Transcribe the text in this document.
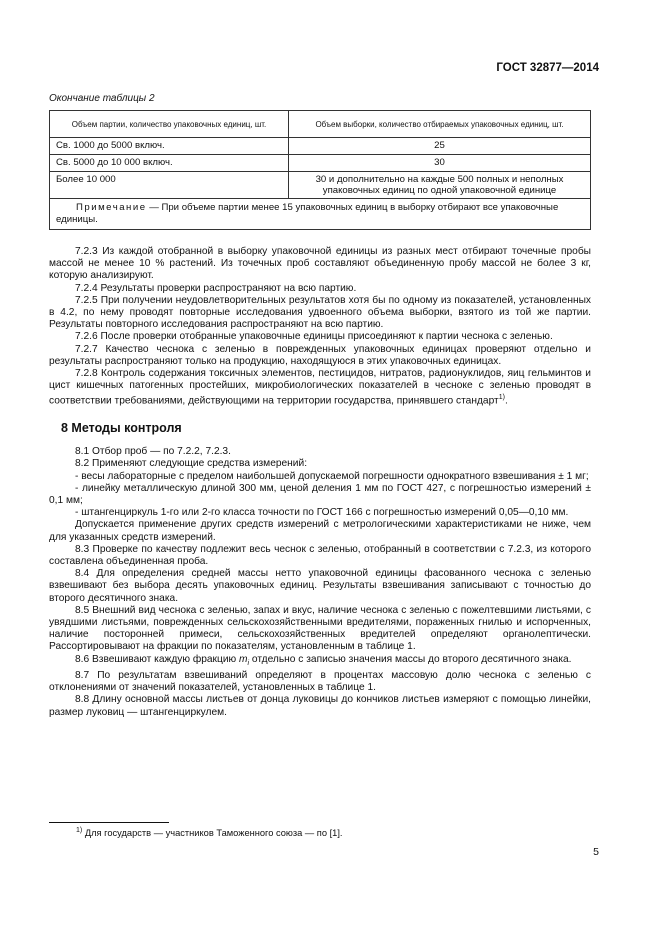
ГОСТ 32877—2014
Окончание таблицы 2
Объем партии, количество упаковочных единиц, шт.	Объем выборки, количество отбираемых упаковочных единиц, шт.
Св. 1000 до 5000 включ.	25
Св. 5000 до 10 000 включ.	30
Более 10 000	30 и дополнительно на каждые 500 полных и неполных упаковочных единиц по одной упаковочной единице
Примечание — При объеме партии менее 15 упаковочных единиц в выборку отбирают все упаковочные единицы.	

7.2.3 Из каждой отобранной в выборку упаковочной единицы из разных мест отбирают точечные пробы массой не менее 10 % растений. Из точечных проб составляют объединенную пробу массой не более 3 кг, которую анализируют.

7.2.4 Результаты проверки распространяют на всю партию.

7.2.5 При получении неудовлетворительных результатов хотя бы по одному из показателей, установленных в 4.2, по нему проводят повторные исследования удвоенного объема выборки, взятого из той же партии. Результаты повторного исследования распространяют на всю партию.

7.2.6 После проверки отобранные упаковочные единицы присоединяют к партии чеснока с зеленью.

7.2.7 Качество чеснока с зеленью в поврежденных упаковочных единицах проверяют отдельно и результаты распространяют только на продукцию, находящуюся в этих упаковочных единицах.

7.2.8 Контроль содержания токсичных элементов, пестицидов, нитратов, радионуклидов, яиц гельминтов и цист кишечных патогенных простейших, микробиологических показателей в чесноке с зеленью проводят в соответствии требованиями, действующими на территории государства, принявшего стандарт$^{1)}$.

8 Методы контроля

8.1 Отбор проб — по 7.2.2, 7.2.3.

8.2 Применяют следующие средства измерений:

- весы лабораторные с пределом наибольшей допускаемой погрешности однократного взвешивания ± 1 мг;

- линейку металлическую длиной 300 мм, ценой деления 1 мм по ГОСТ 427, с погрешностью измерений ± 0,1 мм;

- штангенциркуль 1-го или 2-го класса точности по ГОСТ 166 с погрешностью измерений 0,05—0,10 мм.

Допускается применение других средств измерений с метрологическими характеристиками не ниже, чем для указанных средств измерений.

8.3 Проверке по качеству подлежит весь чеснок с зеленью, отобранный в соответствии с 7.2.3, из которого составлена объединенная проба.

8.4 Для определения средней массы нетто упаковочной единицы фасованного чеснока с зеленью взвешивают без выбора десять упаковочных единиц. Результаты взвешивания записывают с точностью до второго десятичного знака.

8.5 Внешний вид чеснока с зеленью, запах и вкус, наличие чеснока с зеленью с пожелтевшими листьями, с увядшими листьями, поврежденных сельскохозяйственными вредителями, пораженных гнилью и испорченных, наличие посторонней примеси, сельскохозяйственных вредителей определяют органолептически. Рассортировывают на фракции по показателям, установленным в таблице 1.

8.6 Взвешивают каждую фракцию $m_i$ отдельно с записью значения массы до второго десятичного знака.

8.7 По результатам взвешиваний определяют в процентах массовую долю чеснока с зеленью с отклонениями от значений показателей, установленных в таблице 1.

8.8 Длину основной массы листьев от донца луковицы до кончиков листьев измеряют с помощью линейки, размер луковиц — штангенциркулем.

$^{1)}$ Для государств — участников Таможенного союза — по [1].
5
